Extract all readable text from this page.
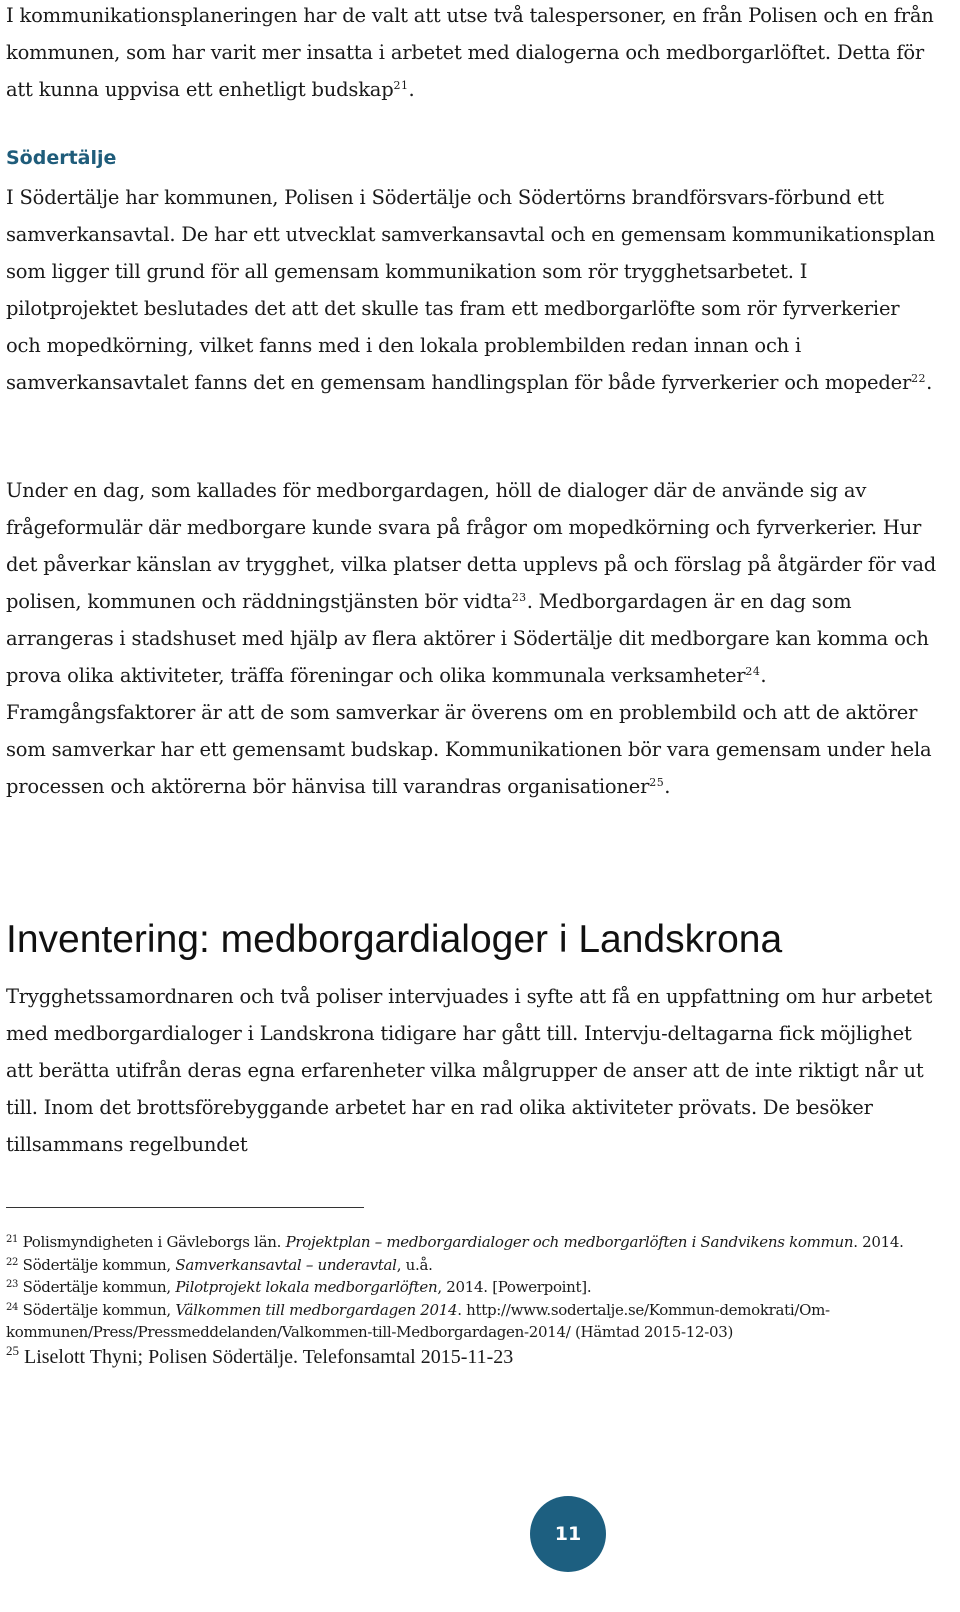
I kommunikationsplaneringen har de valt att utse två talespersoner, en från Polisen och en från kommunen, som har varit mer insatta i arbetet med dialogerna och medborgarlöftet. Detta för att kunna uppvisa ett enhetligt budskap$^{21}$.

Södertälje

I Södertälje har kommunen, Polisen i Södertälje och Södertörns brandförsvars-förbund ett samverkansavtal. De har ett utvecklat samverkansavtal och en gemensam kommunikationsplan som ligger till grund för all gemensam kommunikation som rör trygghetsarbetet. I pilotprojektet beslutades det att det skulle tas fram ett medborgarlöfte som rör fyrverkerier och mopedkörning, vilket fanns med i den lokala problembilden redan innan och i samverkansavtalet fanns det en gemensam handlingsplan för både fyrverkerier och mopeder$^{22}$.

Under en dag, som kallades för medborgardagen, höll de dialoger där de använde sig av frågeformulär där medborgare kunde svara på frågor om mopedkörning och fyrverkerier. Hur det påverkar känslan av trygghet, vilka platser detta upplevs på och förslag på åtgärder för vad polisen, kommunen och räddningstjänsten bör vidta$^{23}$. Medborgardagen är en dag som arrangeras i stadshuset med hjälp av flera aktörer i Södertälje dit medborgare kan komma och prova olika aktiviteter, träffa föreningar och olika kommunala verksamheter$^{24}$.
Framgångsfaktorer är att de som samverkar är överens om en problembild och att de aktörer som samverkar har ett gemensamt budskap. Kommunikationen bör vara gemensam under hela processen och aktörerna bör hänvisa till varandras organisationer$^{25}$.

Inventering: medborgardialoger i Landskrona

Trygghetssamordnaren och två poliser intervjuades i syfte att få en uppfattning om hur arbetet med medborgardialoger i Landskrona tidigare har gått till. Intervju-deltagarna fick möjlighet att berätta utifrån deras egna erfarenheter vilka målgrupper de anser att de inte riktigt når ut till. Inom det brottsförebyggande arbetet har en rad olika aktiviteter prövats. De besöker tillsammans regelbundet

$^{21}$ Polismyndigheten i Gävleborgs län. Projektplan – medborgardialoger och medborgarlöften i Sandvikens kommun. 2014.

$^{22}$ Södertälje kommun, Samverkansavtal – underavtal, u.å.

$^{23}$ Södertälje kommun, Pilotprojekt lokala medborgarlöften, 2014. [Powerpoint].

$^{24}$ Södertälje kommun, Välkommen till medborgardagen 2014. http://www.sodertalje.se/Kommun-demokrati/Om-kommunen/Press/Pressmeddelanden/Valkommen-till-Medborgardagen-2014/ (Hämtad 2015-12-03)

$^{25}$ Liselott Thyni; Polisen Södertälje. Telefonsamtal 2015-11-23

11
